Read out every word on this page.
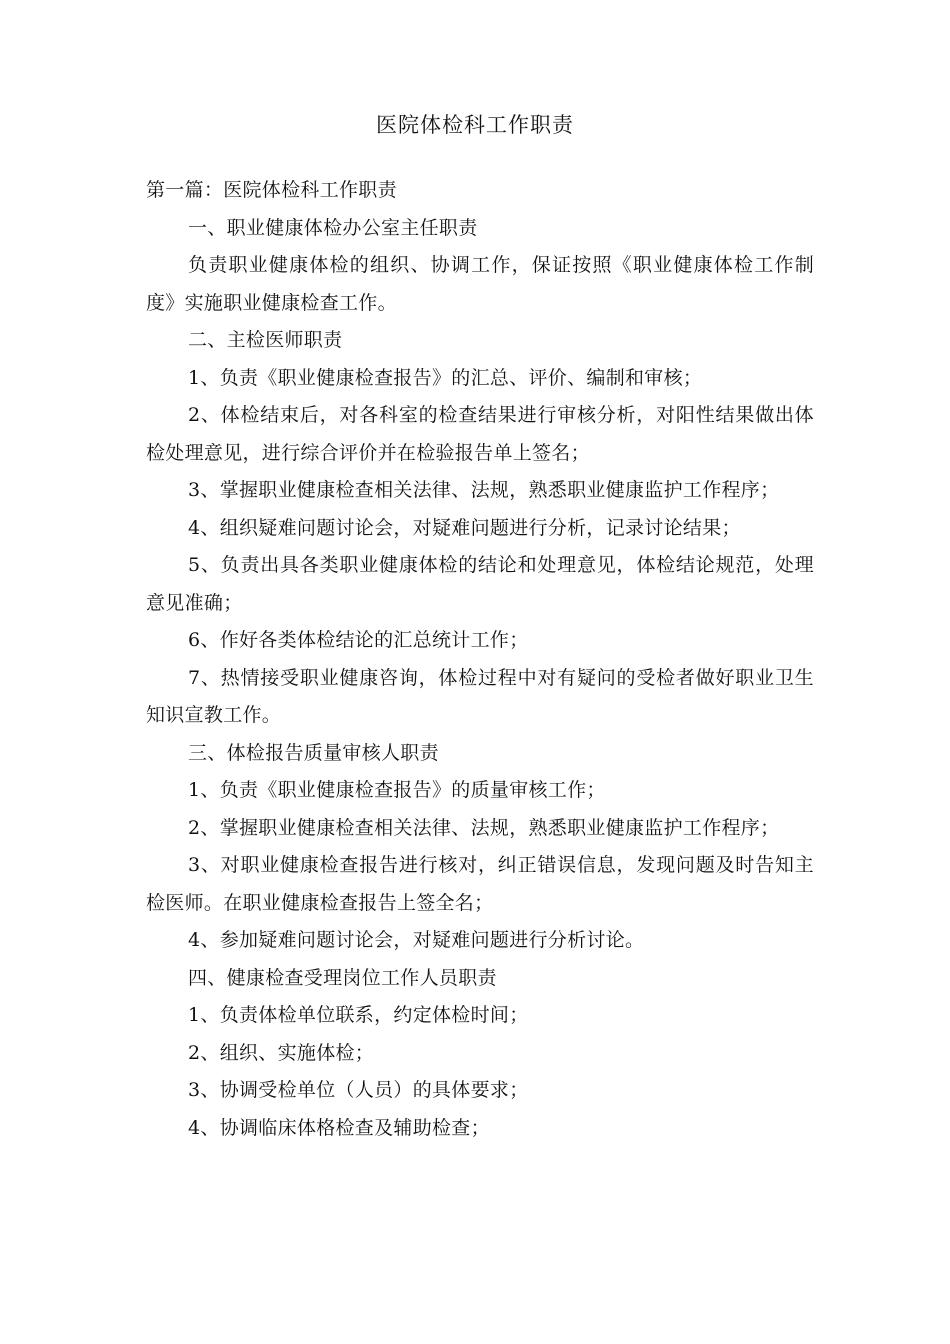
医院体检科工作职责

第一篇：医院体检科工作职责

一、职业健康体检办公室主任职责

负责职业健康体检的组织、协调工作，保证按照《职业健康体检工作制度》实施职业健康检查工作。

二、主检医师职责

1、负责《职业健康检查报告》的汇总、评价、编制和审核；

2、体检结束后，对各科室的检查结果进行审核分析，对阳性结果做出体检处理意见，进行综合评价并在检验报告单上签名；

3、掌握职业健康检查相关法律、法规，熟悉职业健康监护工作程序；

4、组织疑难问题讨论会，对疑难问题进行分析，记录讨论结果；

5、负责出具各类职业健康体检的结论和处理意见，体检结论规范，处理意见准确；

6、作好各类体检结论的汇总统计工作；

7、热情接受职业健康咨询，体检过程中对有疑问的受检者做好职业卫生知识宣教工作。

三、体检报告质量审核人职责

1、负责《职业健康检查报告》的质量审核工作；

2、掌握职业健康检查相关法律、法规，熟悉职业健康监护工作程序；

3、对职业健康检查报告进行核对，纠正错误信息，发现问题及时告知主检医师。在职业健康检查报告上签全名；

4、参加疑难问题讨论会，对疑难问题进行分析讨论。

四、健康检查受理岗位工作人员职责

1、负责体检单位联系，约定体检时间；

2、组织、实施体检；

3、协调受检单位（人员）的具体要求；

4、协调临床体格检查及辅助检查；
